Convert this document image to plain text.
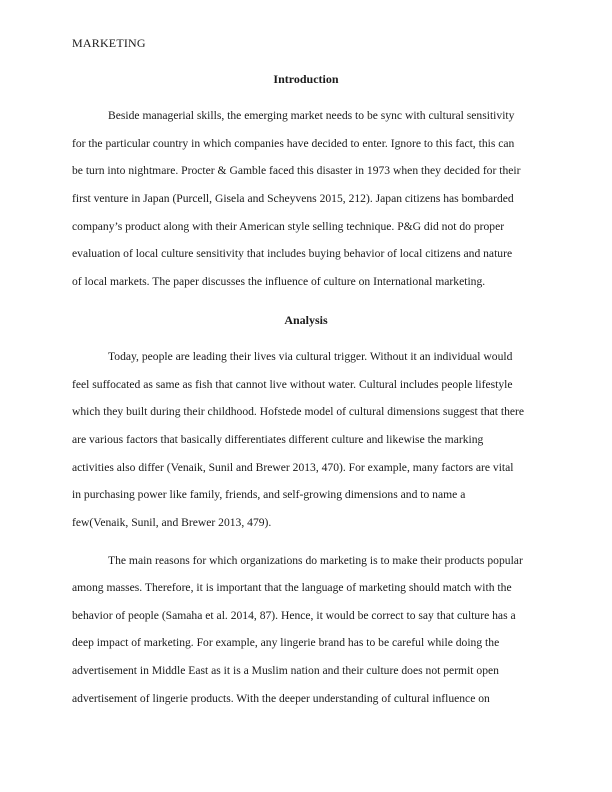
MARKETING
Introduction
Beside managerial skills, the emerging market needs to be sync with cultural sensitivity
for the particular country in which companies have decided to enter. Ignore to this fact, this can
be turn into nightmare. Procter & Gamble faced this disaster in 1973 when they decided for their
first venture in Japan (Purcell, Gisela and Scheyvens 2015, 212). Japan citizens has bombarded
company’s product along with their American style selling technique. P&G did not do proper
evaluation of local culture sensitivity that includes buying behavior of local citizens and nature
of local markets. The paper discusses the influence of culture on International marketing.
Analysis
Today, people are leading their lives via cultural trigger. Without it an individual would
feel suffocated as same as fish that cannot live without water. Cultural includes people lifestyle
which they built during their childhood. Hofstede model of cultural dimensions suggest that there
are various factors that basically differentiates different culture and likewise the marking
activities also differ (Venaik, Sunil and Brewer 2013, 470). For example, many factors are vital
in purchasing power like family, friends, and self-growing dimensions and to name a
few(Venaik, Sunil, and Brewer 2013, 479).
The main reasons for which organizations do marketing is to make their products popular
among masses. Therefore, it is important that the language of marketing should match with the
behavior of people (Samaha et al. 2014, 87). Hence, it would be correct to say that culture has a
deep impact of marketing. For example, any lingerie brand has to be careful while doing the
advertisement in Middle East as it is a Muslim nation and their culture does not permit open
advertisement of lingerie products. With the deeper understanding of cultural influence on
